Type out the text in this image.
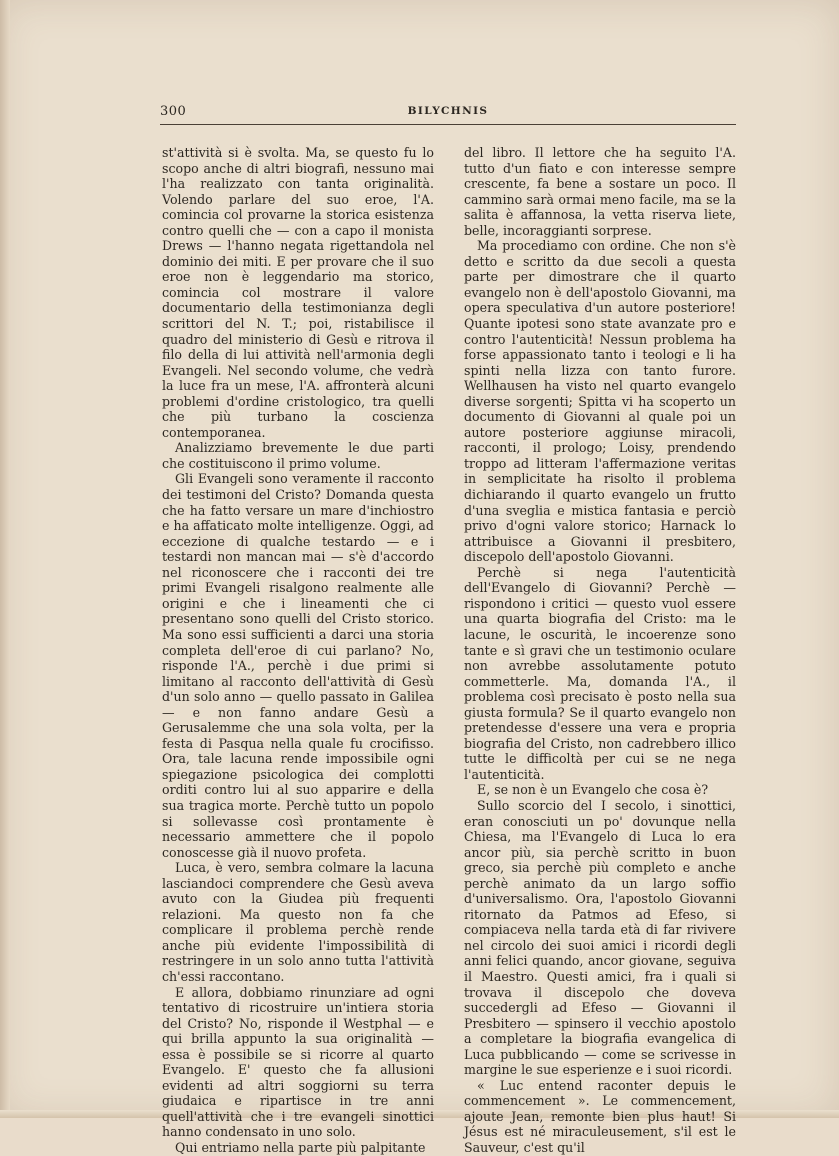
300	BILYCHNIS

st'attività si è svolta. Ma, se questo fu lo scopo anche di altri biografi, nessuno mai l'ha realizzato con tanta originalità. Volendo parlare del suo eroe, l'A. comincia col provarne la storica esistenza contro quelli che — con a capo il monista Drews — l'hanno negata rigettandola nel dominio dei miti. E per provare che il suo eroe non è leggendario ma storico, comincia col mostrare il valore documentario della testimonianza degli scrittori del N. T.; poi, ristabilisce il quadro del ministerio di Gesù e ritrova il filo della di lui attività nell'armonia degli Evangeli. Nel secondo volume, che vedrà la luce fra un mese, l'A. affronterà alcuni problemi d'ordine cristologico, tra quelli che più turbano la coscienza contemporanea.

Analizziamo brevemente le due parti che costituiscono il primo volume.

Gli Evangeli sono veramente il racconto dei testimoni del Cristo? Domanda questa che ha fatto versare un mare d'inchiostro e ha affaticato molte intelligenze. Oggi, ad eccezione di qualche testardo — e i testardi non mancan mai — s'è d'accordo nel riconoscere che i racconti dei tre primi Evangeli risalgono realmente alle origini e che i lineamenti che ci presentano sono quelli del Cristo storico. Ma sono essi sufficienti a darci una storia completa dell'eroe di cui parlano? No, risponde l'A., perchè i due primi si limitano al racconto dell'attività di Gesù d'un solo anno — quello passato in Galilea — e non fanno andare Gesù a Gerusalemme che una sola volta, per la festa di Pasqua nella quale fu crocifisso. Ora, tale lacuna rende impossibile ogni spiegazione psicologica dei complotti orditi contro lui al suo apparire e della sua tragica morte. Perchè tutto un popolo si sollevasse così prontamente è necessario ammettere che il popolo conoscesse già il nuovo profeta.

Luca, è vero, sembra colmare la lacuna lasciandoci comprendere che Gesù aveva avuto con la Giudea più frequenti relazioni. Ma questo non fa che complicare il problema perchè rende anche più evidente l'impossibilità di restringere in un solo anno tutta l'attività ch'essi raccontano.

E allora, dobbiamo rinunziare ad ogni tentativo di ricostruire un'intiera storia del Cristo? No, risponde il Westphal — e qui brilla appunto la sua originalità — essa è possibile se si ricorre al quarto Evangelo. E' questo che fa allusioni evidenti ad altri soggiorni su terra giudaica e ripartisce in tre anni quell'attività che i tre evangeli sinottici hanno condensato in uno solo.

Qui entriamo nella parte più palpitante

del libro. Il lettore che ha seguito l'A. tutto d'un fiato e con interesse sempre crescente, fa bene a sostare un poco. Il cammino sarà ormai meno facile, ma se la salita è affannosa, la vetta riserva liete, belle, incoraggianti sorprese.

Ma procediamo con ordine. Che non s'è detto e scritto da due secoli a questa parte per dimostrare che il quarto evangelo non è dell'apostolo Giovanni, ma opera speculativa d'un autore posteriore! Quante ipotesi sono state avanzate pro e contro l'autenticità! Nessun problema ha forse appassionato tanto i teologi e li ha spinti nella lizza con tanto furore. Wellhausen ha visto nel quarto evangelo diverse sorgenti; Spitta vi ha scoperto un documento di Giovanni al quale poi un autore posteriore aggiunse miracoli, racconti, il prologo; Loisy, prendendo troppo ad litteram l'affermazione veritas in semplicitate ha risolto il problema dichiarando il quarto evangelo un frutto d'una sveglia e mistica fantasia e perciò privo d'ogni valore storico; Harnack lo attribuisce a Giovanni il presbitero, discepolo dell'apostolo Giovanni.

Perchè si nega l'autenticità dell'Evangelo di Giovanni? Perchè — rispondono i critici — questo vuol essere una quarta biografia del Cristo: ma le lacune, le oscurità, le incoerenze sono tante e sì gravi che un testimonio oculare non avrebbe assolutamente potuto commetterle. Ma, domanda l'A., il problema così precisato è posto nella sua giusta formula? Se il quarto evangelo non pretendesse d'essere una vera e propria biografia del Cristo, non cadrebbero illico tutte le difficoltà per cui se ne nega l'autenticità.

E, se non è un Evangelo che cosa è?

Sullo scorcio del I secolo, i sinottici, eran conosciuti un po' dovunque nella Chiesa, ma l'Evangelo di Luca lo era ancor più, sia perchè scritto in buon greco, sia perchè più completo e anche perchè animato da un largo soffio d'universalismo. Ora, l'apostolo Giovanni ritornato da Patmos ad Efeso, si compiaceva nella tarda età di far rivivere nel circolo dei suoi amici i ricordi degli anni felici quando, ancor giovane, seguiva il Maestro. Questi amici, fra i quali si trovava il discepolo che doveva succedergli ad Efeso — Giovanni il Presbitero — spinsero il vecchio apostolo a completare la biografia evangelica di Luca pubblicando — come se scrivesse in margine le sue esperienze e i suoi ricordi.

« Luc entend raconter depuis le commencement ». Le commencement, ajoute Jean, remonte bien plus haut! Si Jésus est né miraculeusement, s'il est le Sauveur, c'est qu'il
